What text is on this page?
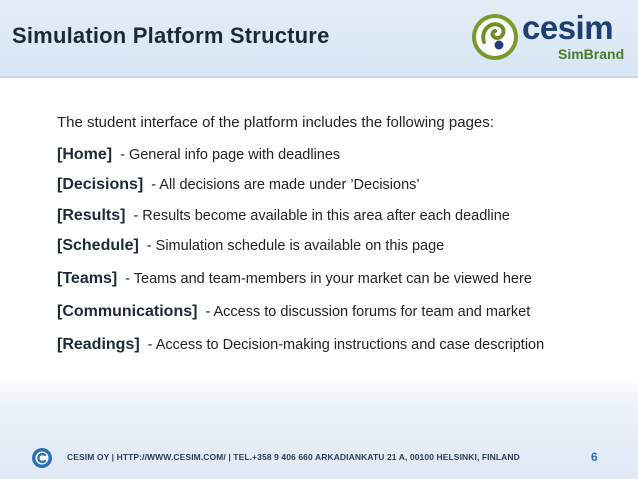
Simulation Platform Structure	cesim
SimBrand
The student interface of the platform includes the following pages:
[Home] - General info page with deadlines
[Decisions] - All decisions are made under ’Decisions’
[Results] - Results become available in this area after each deadline
[Schedule] - Simulation schedule is available on this page
[Teams] - Teams and team-members in your market can be viewed here
[Communications] - Access to discussion forums for team and market
[Readings] - Access to Decision-making instructions and case description
CESIM OY | HTTP://WWW.CESIM.COM/ | TEL.+358 9 406 660 ARKADIANKATU 21 A, 00100 HELSINKI, FINLAND	6
